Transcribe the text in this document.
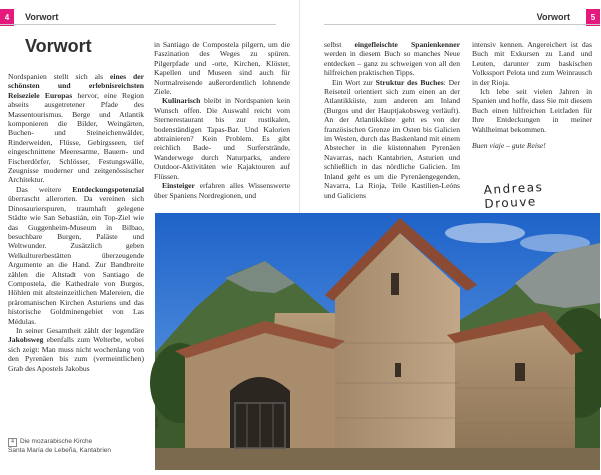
4	Vorwort
Vorwort

Nordspanien stellt sich als eines der schönsten und erlebnisreichsten Reiseziele Europas hervor, eine Region abseits ausgetretener Pfade des Massentourismus. Berge und Atlantik komponieren die Bilder, Weingärten, Buchen- und Steineichenwälder, Rinderweiden, Flüsse, Gebirgsseen, tief eingeschnittene Meeresarme, Bauern- und Fischerdörfer, Schlösser, Festungswälle, Zeugnisse moderner und zeitgenössischer Architektur.

Das weitere Entdeckungspotenzial überrascht allerorten. Da vereinen sich Dinosaurierspuren, traumhaft gelegene Städte wie San Sebastián, ein Top-Ziel wie das Guggenheim-Museum in Bilbao, besuchbare Burgen, Paläste und Weltwunder. Zusätzlich geben Welkulturerbestätten überzeugende Argumente an die Hand. Zur Bandbreite zählen die Altstadt von Santiago de Compostela, die Kathedrale von Burgos, Höhlen mit altsteinzeitlichen Malereien, die präromanischen Kirchen Asturiens und das historische Goldminengebiet von Las Médulas.

In seiner Gesamtheit zählt der legendäre Jakobsweg ebenfalls zum Welterbe, wobei sich zeigt: Man muss nicht wochenlang von den Pyrenäen bis zum (vermeintlichen) Grab des Apostels Jakobus

in Santiago de Compostela pilgern, um die Faszination des Weges zu spüren. Pilgerpfade und -orte, Kirchen, Klöster, Kapellen und Museen sind auch für Normalreisende außerordentlich lohnende Ziele.

Kulinarisch bleibt in Nordspanien kein Wunsch offen. Die Auswahl reicht vom Sternerestaurant bis zur rustikalen, bodenständigen Tapas-Bar. Und Kalorien abtrainieren? Kein Problem. Es gibt reichlich Bade- und Surferstrände, Wanderwege durch Naturparks, andere Outdoor-Aktivitäten wie Kajaktouren auf Flüssen.

Einsteiger erfahren alles Wissenswerte über Spaniens Nordregionen, und

4 Die mozarabische Kirche
Santa María de Lebeña, Kantabrien
5
Vorwort

selbst eingefleischte Spanienkenner werden in diesem Buch so manches Neue entdecken – ganz zu schweigen von all den hilfreichen praktischen Tipps.

Ein Wort zur Struktur des Buches: Der Reiseteil orientiert sich zum einen an der Atlantikküste, zum anderen am Inland (Burgos und der Hauptjakobsweg verläuft). An der Atlantikküste geht es von der französischen Grenze im Osten bis Galicien im Westen, durch das Baskenland mit einem Abstecher in die küstennahen Pyrenäen Navarras, nach Kantabrien, Asturien und schließlich in das nördliche Galicien. Im Inland geht es um die Pyrenäengegenden, Navarra, La Rioja, Teile Kastilien-Leóns und Galiciens

intensiv kennen. Angereichert ist das Buch mit Exkursen zu Land und Leuten, darunter zum baskischen Volkssport Pelota und zum Weinrausch in der Rioja.

Ich lebe seit vielen Jahren in Spanien und hoffe, dass Sie mit diesem Buch einen hilfreichen Leitfaden für Ihre Entdeckungen in meiner Wahlheimat bekommen.

Buen viaje – gute Reise!

Andreas Drouve
fotolia
